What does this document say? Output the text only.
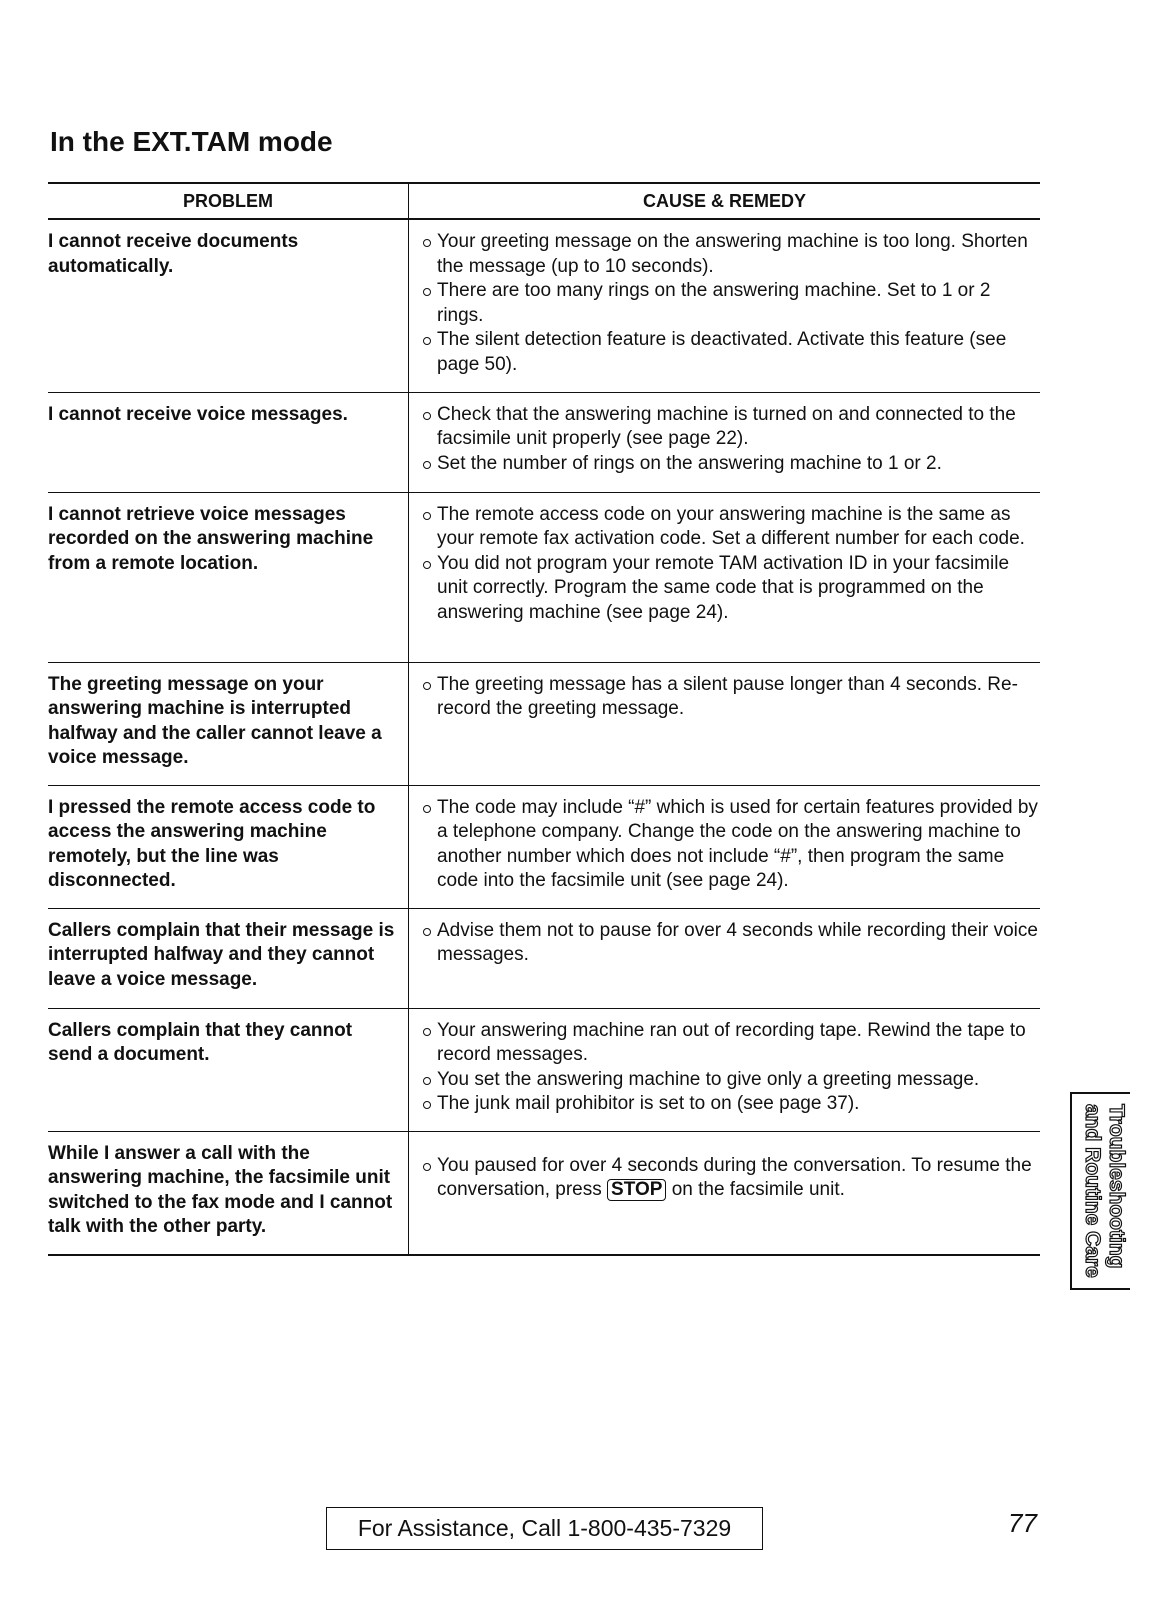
In the EXT.TAM mode
PROBLEM	CAUSE & REMEDY
I cannot receive documents automatically.	Your greeting message on the answering machine is too long. Shorten the message (up to 10 seconds).
There are too many rings on the answering machine. Set to 1 or 2 rings.
The silent detection feature is deactivated. Activate this feature (see page 50).

I cannot receive voice messages.	Check that the answering machine is turned on and connected to the facsimile unit properly (see page 22).
Set the number of rings on the answering machine to 1 or 2.

I cannot retrieve voice messages recorded on the answering machine from a remote location.	The remote access code on your answering machine is the same as your remote fax activation code. Set a different number for each code.
You did not program your remote TAM activation ID in your facsimile unit correctly. Program the same code that is programmed on the answering machine (see page 24).

The greeting message on your answering machine is interrupted halfway and the caller cannot leave a voice message.	The greeting message has a silent pause longer than 4 seconds. Re-record the greeting message.

I pressed the remote access code to access the answering machine remotely, but the line was disconnected.	The code may include “#” which is used for certain features provided by a telephone company. Change the code on the answering machine to another number which does not include “#”, then program the same code into the facsimile unit (see page 24).

Callers complain that their message is interrupted halfway and they cannot leave a voice message.	Advise them not to pause for over 4 seconds while recording their voice messages.

Callers complain that they cannot send a document.	Your answering machine ran out of recording tape. Rewind the tape to record messages.
You set the answering machine to give only a greeting message.
The junk mail prohibitor is set to on (see page 37).

While I answer a call with the answering machine, the facsimile unit switched to the fax mode and I cannot talk with the other party.	You paused for over 4 seconds during the conversation. To resume the conversation, press STOP on the facsimile unit.	Troubleshooting and Routine Care
For Assistance, Call 1-800-435-7329	77
